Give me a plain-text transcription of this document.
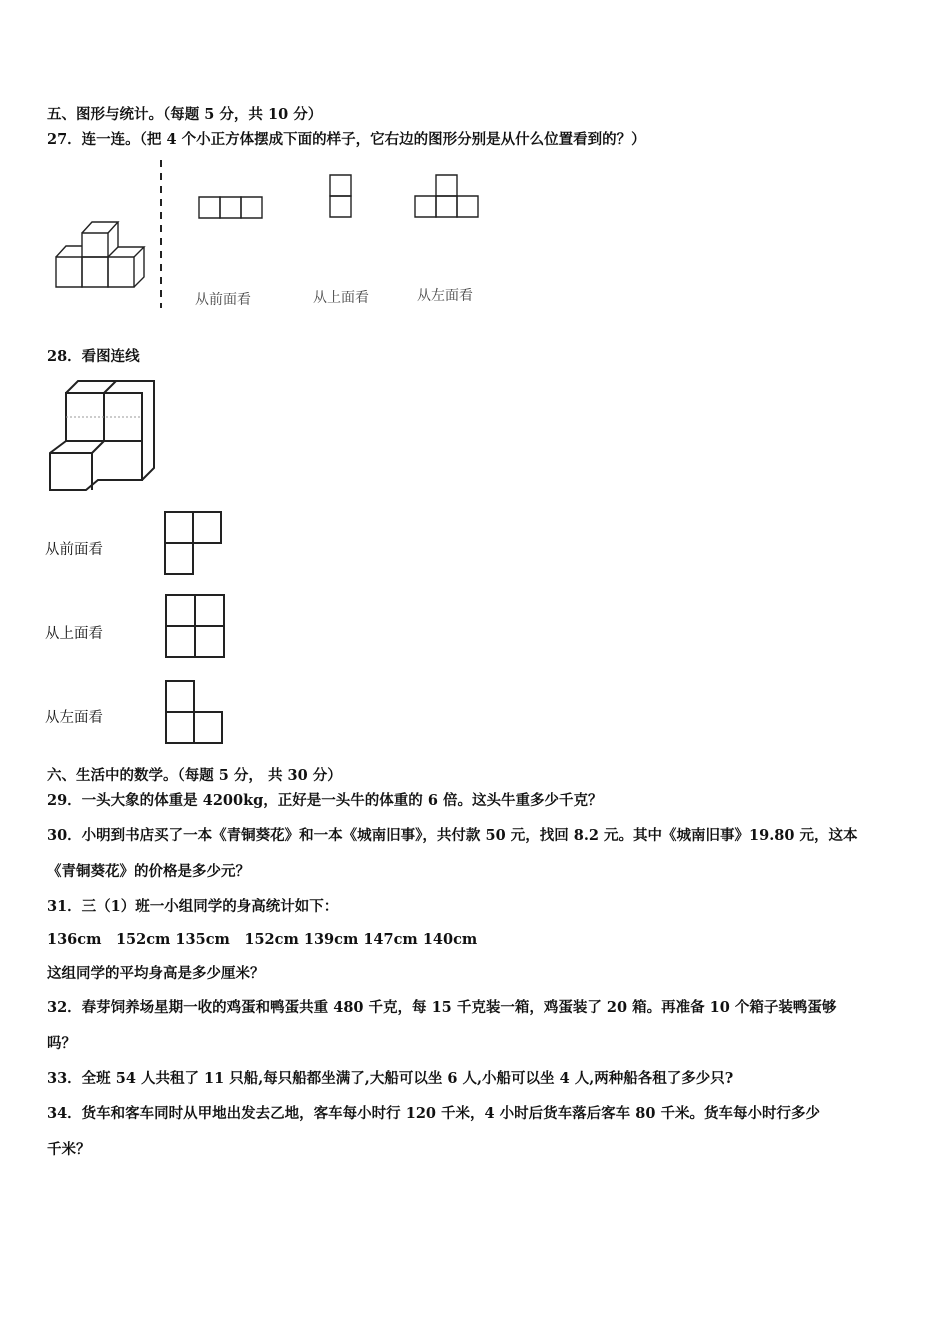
五、图形与统计。（每题 5 分，共 10 分）
27．连一连。（把 4 个小正方体摆成下面的样子，它右边的图形分别是从什么位置看到的？）
从前面看	从上面看	从左面看
28．看图连线
从前面看
从上面看
从左面看
六、生活中的数学。（每题 5 分， 共 30 分）
29．一头大象的体重是 4200kg，正好是一头牛的体重的 6 倍。这头牛重多少千克？
30．小明到书店买了一本《青铜葵花》和一本《城南旧事》，共付款 50 元，找回 8.2 元。其中《城南旧事》19.80 元，这本
《青铜葵花》的价格是多少元？
31．三（1）班一小组同学的身高统计如下：
136cm　152cm 135cm　152cm 139cm 147cm 140cm
这组同学的平均身高是多少厘米？
32．春芽饲养场星期一收的鸡蛋和鸭蛋共重 480 千克，每 15 千克装一箱，鸡蛋装了 20 箱。再准备 10 个箱子装鸭蛋够
吗？
33．全班 54 人共租了 11 只船,每只船都坐满了,大船可以坐 6 人,小船可以坐 4 人,两种船各租了多少只?
34．货车和客车同时从甲地出发去乙地，客车每小时行 120 千米，4 小时后货车落后客车 80 千米。货车每小时行多少
千米？
